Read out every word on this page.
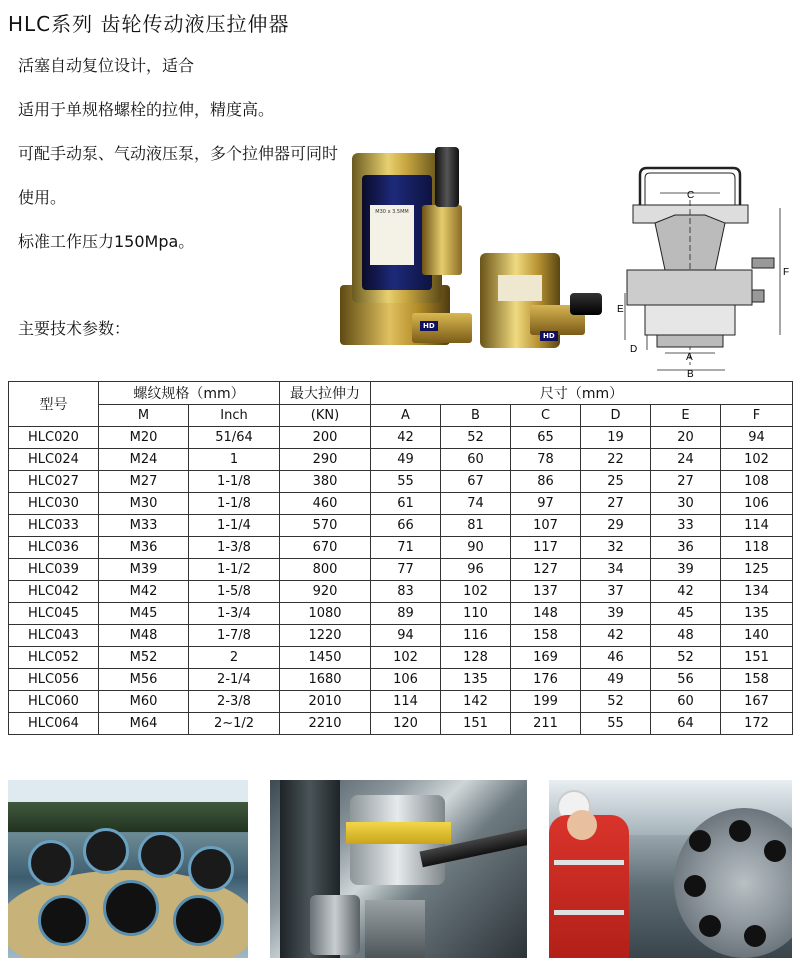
HLC系列 齿轮传动液压拉伸器
活塞自动复位设计，适合
适用于单规格螺栓的拉伸，精度高。
可配手动泵、气动液压泵，多个拉伸器可同时
使用。
标准工作压力150Mpa。
主要技术参数：
M30 x 3.5MM
HD
HD
C
E
D
A
B
F
型号	螺纹规格（mm）		最大拉伸力	尺寸（mm）					
	M	Inch	(KN)	A	B	C	D	E	F
HLC020	M20	51/64	200	42	52	65	19	20	94
HLC024	M24	1	290	49	60	78	22	24	102
HLC027	M27	1-1/8	380	55	67	86	25	27	108
HLC030	M30	1-1/8	460	61	74	97	27	30	106
HLC033	M33	1-1/4	570	66	81	107	29	33	114
HLC036	M36	1-3/8	670	71	90	117	32	36	118
HLC039	M39	1-1/2	800	77	96	127	34	39	125
HLC042	M42	1-5/8	920	83	102	137	37	42	134
HLC045	M45	1-3/4	1080	89	110	148	39	45	135
HLC043	M48	1-7/8	1220	94	116	158	42	48	140
HLC052	M52	2	1450	102	128	169	46	52	151
HLC056	M56	2-1/4	1680	106	135	176	49	56	158
HLC060	M60	2-3/8	2010	114	142	199	52	60	167
HLC064	M64	2~1/2	2210	120	151	211	55	64	172
